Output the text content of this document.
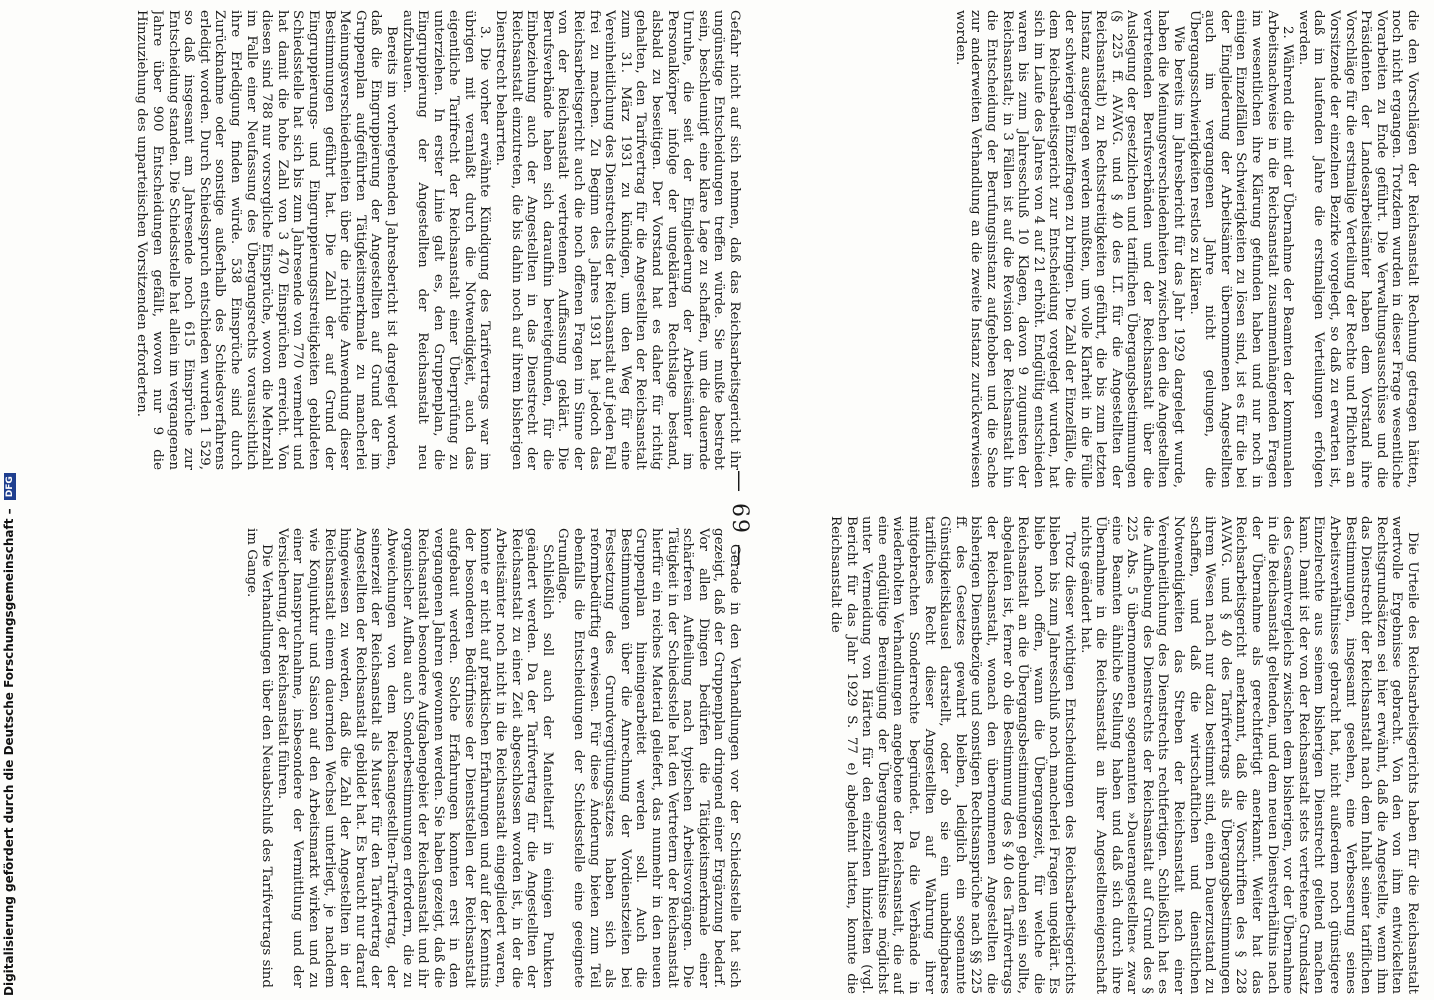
— 69 —

die den Vorschlägen der Reichsanstalt Rechnung getragen hätten, noch nicht ergangen. Trotzdem wurden in dieser Frage wesentliche Vorarbeiten zu Ende geführt. Die Verwaltungsausschüsse und die Präsidenten der Landesarbeitsämter haben dem Vorstand ihre Vorschläge für die erstmalige Verteilung der Rechte und Pflichten an Vorsitzende der einzelnen Bezirke vorgelegt, so daß zu erwarten ist, daß im laufenden Jahre die erstmaligen Verteilungen erfolgen werden.

2. Während die mit der Übernahme der Beamten der kommunalen Arbeitsnachweise in die Reichsanstalt zusammenhängenden Fragen im wesentlichen ihre Klärung gefunden haben und nur noch in einigen Einzelfällen Schwierigkeiten zu lösen sind, ist es für die bei der Eingliederung der Arbeitsämter übernommenen Angestellten auch im vergangenen Jahre nicht gelungen, die Übergangsschwierigkeiten restlos zu klären.

Wie bereits im Jahresbericht für das Jahr 1929 dargelegt wurde, haben die Meinungsverschiedenheiten zwischen den die Angestellten vertretenden Berufsverbänden und der Reichsanstalt über die Auslegung der gesetzlichen und tariflichen Übergangsbestimmungen (§ 225 ff. AVAVG. und § 40 des LT. für die Angestellten der Reichsanstalt) zu Rechtsstreitigkeiten geführt, die bis zum letzten Instanz ausgetragen werden mußten, um volle Klarheit in die Fülle der schwierigen Einzelfragen zu bringen. Die Zahl der Einzelfälle, die dem Reichsarbeitsgericht zur Entscheidung vorgelegt wurden, hat sich im Laufe des Jahres von 4 auf 21 erhöht. Endgültig entschieden waren bis zum Jahresschluß 10 Klagen, davon 9 zugunsten der Reichsanstalt; in 3 Fällen ist auf die Revision der Reichsanstalt hin die Entscheidung der Berufungsinstanz aufgehoben und die Sache zur anderweiten Verhandlung an die zweite Instanz zurückverwiesen worden.

Die Urteile des Reichsarbeitsgerichts haben für die Reichsanstalt wertvolle Ergebnisse gebracht. Von den von ihm entwickelten Rechtsgrundsätzen sei hier erwähnt, daß die Angestellte, wenn ihm das Dienstrecht der Reichsanstalt nach dem Inhalt seiner tariflichen Bestimmungen, insgesamt gesehen, eine Verbesserung seines Arbeitsverhältnisses gebracht hat, nicht außerdem noch günstigere Einzelrechte aus seinem bisherigen Dienstrecht geltend machen kann. Damit ist der von der Reichsanstalt stets vertretene Grundsatz des Gesamtvergleichs zwischen dem bisherigen, vor der Übernahme in die Reichsanstalt geltenden, und dem neuen Dienstverhältnis nach der Übernahme als gerechtfertigt anerkannt. Weiter hat das Reichsarbeitsgericht anerkannt, daß die Vorschriften des § 228 AVAVG. und § 40 des Tarifvertrags als Übergangsbestimmungen ihrem Wesen nach nur dazu bestimmt sind, einen Dauerzustand zu schaffen, und daß die wirtschaftlichen und dienstlichen Notwendigkeiten das Streben der Reichsanstalt nach einer Vereinheitlichung des Dienstrechts rechtfertigen. Schließlich hat es die Aufhebung des Dienstrechts der Reichsanstalt auf Grund des § 225 Abs. 5 übernommenen sogenannten »Dauerangestellten« zwar eine Beamten ähnliche Stellung haben und daß sich durch ihre Übernahme in die Reichsanstalt an ihrer Angestellteneigenschaft nichts geändert hat.

Trotz dieser wichtigen Entscheidungen des Reichsarbeitsgerichts blieben bis zum Jahresschluß noch mancherlei Fragen ungeklärt. Es blieb noch offen, wann die Übergangszeit, für welche die Reichsanstalt an die Übergangsbestimmungen gebunden sein sollte, abgelaufen ist, ferner ob die Bestimmung des § 40 des Tarifvertrags der Reichsanstalt, wonach den übernommenen Angestellten die bisherigen Dienstbezüge und sonstigen Rechtsansprüche nach §§ 225 ff. des Gesetzes gewahrt bleiben, lediglich ein sogenannte Günstigkeitsklausel darstellt, oder ob sie ein unabdingbares tarifliches Recht dieser Angestellten auf Wahrung ihrer mitgebrachten Sonderrechte begründet. Da die Verbände in wiederholten Verhandlungen angebotene der Reichsanstalt, die auf eine endgültige Bereinigung der Übergangsverhältnisse möglichst unter Vermeidung von Härten für den einzelnen hinzielten (vgl. Bericht für das Jahr 1929 S. 77 e) abgelehnt hatten, konnte die Reichsanstalt die

Gefahr nicht auf sich nehmen, daß das Reichsarbeitsgericht ihr ungünstige Entscheidungen treffen würde. Sie mußte bestrebt sein, beschleunigt eine klare Lage zu schaffen, um die dauernde Unruhe, die seit der Eingliederung der Arbeitsämter im Personalkörper infolge der ungeklärten Rechtslage bestand, alsbald zu beseitigen. Der Vorstand hat es daher für richtig gehalten, den Tarifvertrag für die Angestellten der Reichsanstalt zum 31. März 1931 zu kündigen, um den Weg für eine Vereinheitlichung des Dienstrechts der Reichsanstalt auf jeden Fall frei zu machen. Zu Beginn des Jahres 1931 hat jedoch das Reichsarbeitsgericht auch die noch offenen Fragen im Sinne der von der Reichsanstalt vertretenen Auffassung geklärt. Die Berufsverbände haben sich daraufhin bereitgefunden, für die Einbeziehung auch der Angestellten in das Dienstrecht der Reichsanstalt einzutreten, die bis dahin noch auf ihrem bisherigen Dienstrecht beharrten.

3. Die vorher erwähnte Kündigung des Tarifvertrags war im übrigen mit veranlaßt durch die Notwendigkeit, auch das eigentliche Tarifrecht der Reichsanstalt einer Überprüfung zu unterziehen. In erster Linie galt es, den Gruppenplan, die Eingruppierung der Angestellten der Reichsanstalt neu aufzubauen.

Bereits im vorhergehenden Jahresbericht ist dargelegt worden, daß die Eingruppierung der Angestellten auf Grund der im Gruppenplan aufgeführten Tätigkeitsmerkmale zu mancherlei Meinungsverschiedenheiten über die richtige Anwendung dieser Bestimmungen geführt hat. Die Zahl der auf Grund der Eingruppierungs- und Eingruppierungsstreitigkeiten gebildeten Schiedsstelle hat sich bis zum Jahresende von 770 vermehrt und hat damit die hohe Zahl von 3 470 Einsprüchen erreicht. Von diesen sind 788 nur vorsorgliche Einsprüche, wovon die Mehrzahl im Falle einer Neufassung des Übergangsrechts voraussichtlich ihre Erledigung finden würde. 538 Einsprüche sind durch Zurücknahme oder sonstige außerhalb des Schiedsverfahrens erledigt worden. Durch Schiedsspruch entschieden wurden 1 529, so daß insgesamt am Jahresende noch 615 Einsprüche zur Entscheidung standen. Die Schiedsstelle hat allein im vergangenen Jahre über 900 Entscheidungen gefällt, wovon nur 9 die Hinzuziehung des unparteiischen Vorsitzenden erforderten.

Gerade in den Verhandlungen vor der Schiedsstelle hat sich gezeigt, daß der Gruppenplan dringend einer Ergänzung bedarf. Vor allen Dingen bedürfen die Tätigkeitsmerkmale einer schärferen Aufteilung nach typischen Arbeitsvorgängen. Die Tätigkeit in der Schiedsstelle hat den Vertretern der Reichsanstalt hierfür ein reiches Material geliefert, das nunmehr in den neuen Gruppenplan hineingearbeitet werden soll. Auch die Bestimmungen über die Anrechnung der Vordienstzeiten bei Festsetzung des Grundvergütungssatzes haben sich als reformbedürftig erwiesen. Für diese Änderung bieten zum Teil ebenfalls die Entscheidungen der Schiedsstelle eine geeignete Grundlage.

Schließlich soll auch der Manteltarif in einigen Punkten geändert werden. Da der Tarifvertrag für die Angestellten der Reichsanstalt zu einer Zeit abgeschlossen worden ist, in der die Arbeitsämter noch nicht in die Reichsanstalt eingegliedert waren, konnte er nicht auf praktischen Erfahrungen und auf der Kenntnis der besonderen Bedürfnisse der Dienststellen der Reichsanstalt aufgebaut werden. Solche Erfahrungen konnten erst in den vergangenen Jahren gewonnen werden. Sie haben gezeigt, daß die Reichsanstalt besondere Aufgabengebiet der Reichsanstalt und ihr organischer Aufbau auch Sonderbestimmungen erfordern, die zu Abweichungen von dem Reichsangestellten-Tarifvertrag, der seinerzeit der Reichsanstalt als Muster für den Tarifvertrag der Angestellten der Reichsanstalt gebildet hat. Es braucht nur darauf hingewiesen zu werden, daß die Zahl der Angestellten in der Reichsanstalt einem dauernden Wechsel unterliegt, je nachdem wie Konjunktur und Saison auf den Arbeitsmarkt wirken und zu einer Inanspruchnahme, insbesondere der Vermittlung und der Versicherung, der Reichsanstalt führen.

Die Verhandlungen über den Neuabschluß des Tarifvertrags sind im Gange.

Digitalisierung gefördert durch die Deutsche Forschungsgemeinschaft – DFG
